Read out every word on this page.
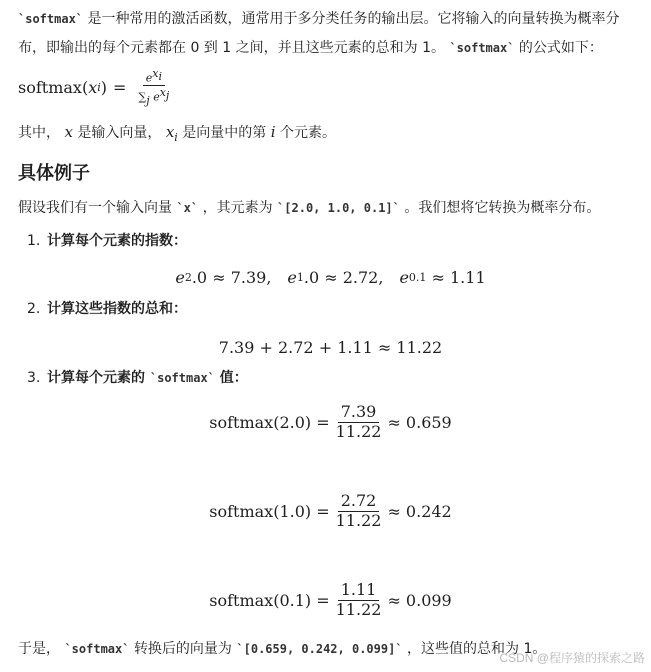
`softmax` 是一种常用的激活函数，通常用于多分类任务的输出层。它将输入的向量转换为概率分布，即输出的每个元素都在 0 到 1 之间，并且这些元素的总和为 1。 `softmax` 的公式如下：
softmax ( x i ) = $\frac{e^{x_i}}{\sum_j e^{x_j}}$
其中， x 是输入向量， $x_i$ 是向量中的第 i 个元素。
具体例子
假设我们有一个输入向量 `x` ，其元素为 `[2.0, 1.0, 0.1]` 。我们想将它转换为概率分布。
1. 计算每个元素的指数：
e 2 .0 ≈ 7.39, e 1 .0 ≈ 2.72, e 0.1
≈ 1.11
2. 计算这些指数的总和：
7.39 + 2.72 + 1.11 ≈ 11.22
3. 计算每个元素的 `softmax` 值：
softmax(2.0) = $\frac{7.39}{11.22} \approx 0.659$
softmax(1.0) = $\frac{2.72}{11.22} \approx 0.242$
softmax(0.1) = $\frac{1.11}{11.22} \approx 0.099$
于是， `softmax` 转换后的向量为 `[0.659, 0.242, 0.099]` ，这些值的总和为 1。
CSDN @程序猿的探索之路
